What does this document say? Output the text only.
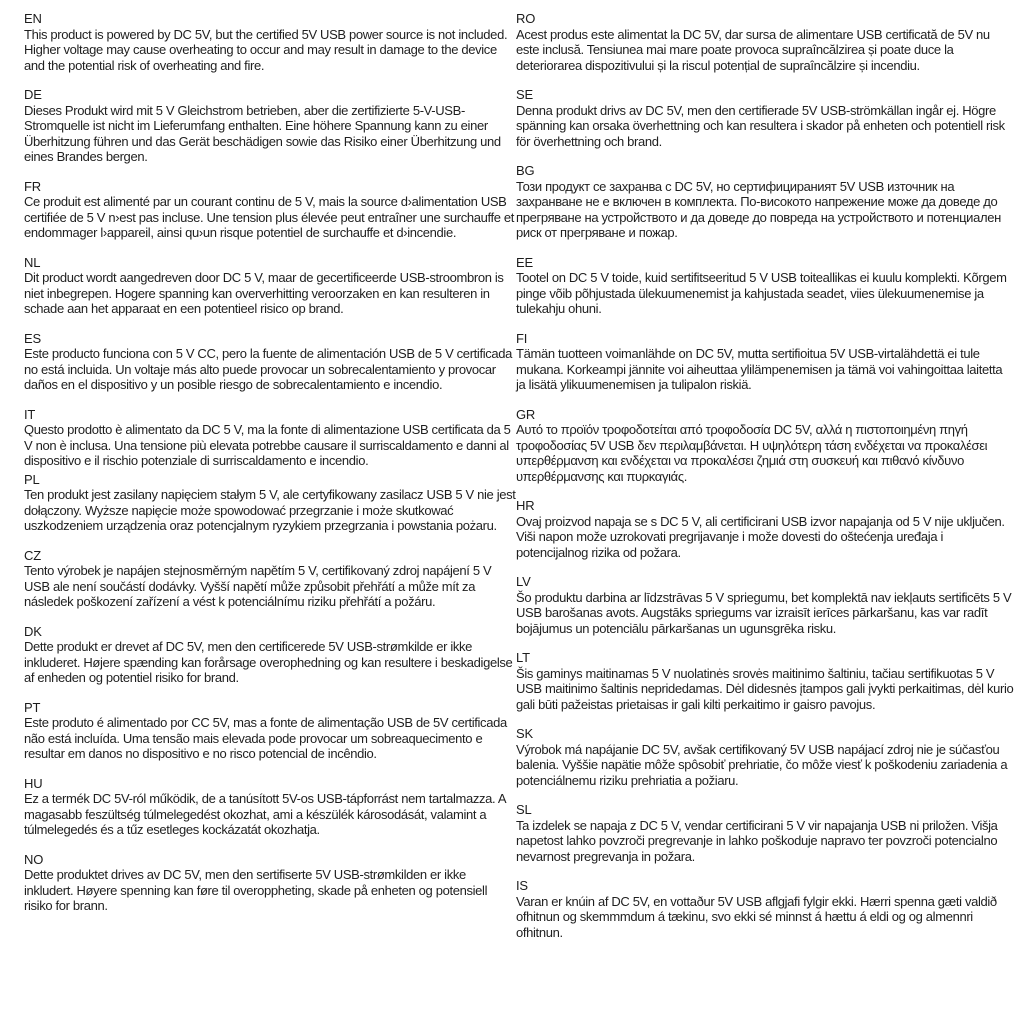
EN

This product is powered by DC 5V, but the certified 5V USB power source is not included. Higher voltage may cause overheating to occur and may result in damage to the device and the potential risk of overheating and fire.

DE

Dieses Produkt wird mit 5 V Gleichstrom betrieben, aber die zertifizierte 5-V-USB-Stromquelle ist nicht im Lieferumfang enthalten. Eine höhere Spannung kann zu einer Überhitzung führen und das Gerät beschädigen sowie das Risiko einer Überhitzung und eines Brandes bergen.

FR

Ce produit est alimenté par un courant continu de 5 V, mais la source d›alimentation USB certifiée de 5 V n›est pas incluse. Une tension plus élevée peut entraîner une surchauffe et endommager l›appareil, ainsi qu›un risque potentiel de surchauffe et d›incendie.

NL

Dit product wordt aangedreven door DC 5 V, maar de gecertificeerde USB-stroombron is niet inbegrepen. Hogere spanning kan oververhitting veroorzaken en kan resulteren in schade aan het apparaat en een potentieel risico op brand.

ES

Este producto funciona con 5 V CC, pero la fuente de alimentación USB de 5 V certificada no está incluida. Un voltaje más alto puede provocar un sobrecalentamiento y provocar daños en el dispositivo y un posible riesgo de sobrecalentamiento e incendio.

IT

Questo prodotto è alimentato da DC 5 V, ma la fonte di alimentazione USB certificata da 5 V non è inclusa. Una tensione più elevata potrebbe causare il surriscaldamento e danni al dispositivo e il rischio potenziale di surriscaldamento e incendio.

PL

Ten produkt jest zasilany napięciem stałym 5 V, ale certyfikowany zasilacz USB 5 V nie jest dołączony. Wyższe napięcie może spowodować przegrzanie i może skutkować uszkodzeniem urządzenia oraz potencjalnym ryzykiem przegrzania i powstania pożaru.

CZ

Tento výrobek je napájen stejnosměrným napětím 5 V, certifikovaný zdroj napájení 5 V USB ale není součástí dodávky. Vyšší napětí může způsobit přehřátí a může mít za následek poškození zařízení a vést k potenciálnímu riziku přehřátí a požáru.

DK

Dette produkt er drevet af DC 5V, men den certificerede 5V USB-strømkilde er ikke inkluderet. Højere spænding kan forårsage overophedning og kan resultere i beskadigelse af enheden og potentiel risiko for brand.

PT

Este produto é alimentado por CC 5V, mas a fonte de alimentação USB de 5V certificada não está incluída. Uma tensão mais elevada pode provocar um sobreaquecimento e resultar em danos no dispositivo e no risco potencial de incêndio.

HU

Ez a termék DC 5V-ról működik, de a tanúsított 5V-os USB-tápforrást nem tartalmazza. A magasabb feszültség túlmelegedést okozhat, ami a készülék károsodását, valamint a túlmelegedés és a tűz esetleges kockázatát okozhatja.

NO

Dette produktet drives av DC 5V, men den sertifiserte 5V USB-strømkilden er ikke inkludert. Høyere spenning kan føre til overoppheting, skade på enheten og potensiell risiko for brann.

RO

Acest produs este alimentat la DC 5V, dar sursa de alimentare USB certificată de 5V nu este inclusă. Tensiunea mai mare poate provoca supraîncălzirea și poate duce la deteriorarea dispozitivului și la riscul potențial de supraîncălzire și incendiu.

SE

Denna produkt drivs av DC 5V, men den certifierade 5V USB-strömkällan ingår ej. Högre spänning kan orsaka överhettning och kan resultera i skador på enheten och potentiell risk för överhettning och brand.

BG

Този продукт се захранва с DC 5V, но сертифицираният 5V USB източник на захранване не е включен в комплекта. По-високото напрежение може да доведе до прегряване на устройството и да доведе до повреда на устройството и потенциален риск от прегряване и пожар.

EE

Tootel on DC 5 V toide, kuid sertifitseeritud 5 V USB toiteallikas ei kuulu komplekti. Kõrgem pinge võib põhjustada ülekuumenemist ja kahjustada seadet, viies ülekuumenemise ja tulekahju ohuni.

FI

Tämän tuotteen voimanlähde on DC 5V, mutta sertifioitua 5V USB-virtalähdettä ei tule mukana. Korkeampi jännite voi aiheuttaa ylilämpenemisen ja tämä voi vahingoittaa laitetta ja lisätä ylikuumenemisen ja tulipalon riskiä.

GR

Αυτό το προϊόν τροφοδοτείται από τροφοδοσία DC 5V, αλλά η πιστοποιημένη πηγή τροφοδοσίας 5V USB δεν περιλαμβάνεται. Η υψηλότερη τάση ενδέχεται να προκαλέσει υπερθέρμανση και ενδέχεται να προκαλέσει ζημιά στη συσκευή και πιθανό κίνδυνο υπερθέρμανσης και πυρκαγιάς.

HR

Ovaj proizvod napaja se s DC 5 V, ali certificirani USB izvor napajanja od 5 V nije uključen. Viši napon može uzrokovati pregrijavanje i može dovesti do oštećenja uređaja i potencijalnog rizika od požara.

LV

Šo produktu darbina ar līdzstrāvas 5 V spriegumu, bet komplektā nav iekļauts sertificēts 5 V USB barošanas avots. Augstāks spriegums var izraisīt ierīces pārkaršanu, kas var radīt bojājumus un potenciālu pārkaršanas un ugunsgrēka risku.

LT

Šis gaminys maitinamas 5 V nuolatinės srovės maitinimo šaltiniu, tačiau sertifikuotas 5 V USB maitinimo šaltinis nepridedamas. Dėl didesnės įtampos gali įvykti perkaitimas, dėl kurio gali būti pažeistas prietaisas ir gali kilti perkaitimo ir gaisro pavojus.

SK

Výrobok má napájanie DC 5V, avšak certifikovaný 5V USB napájací zdroj nie je súčasťou balenia. Vyššie napätie môže spôsobiť prehriatie, čo môže viesť k poškodeniu zariadenia a potenciálnemu riziku prehriatia a požiaru.

SL

Ta izdelek se napaja z DC 5 V, vendar certificirani 5 V vir napajanja USB ni priložen. Višja napetost lahko povzroči pregrevanje in lahko poškoduje napravo ter povzroči potencialno nevarnost pregrevanja in požara.

IS

Varan er knúin af DC 5V, en vottaður 5V USB aflgjafi fylgir ekki. Hærri spenna gæti valdið ofhitnun og skemmmdum á tækinu, svo ekki sé minnst á hættu á eldi og og almennri ofhitnun.
